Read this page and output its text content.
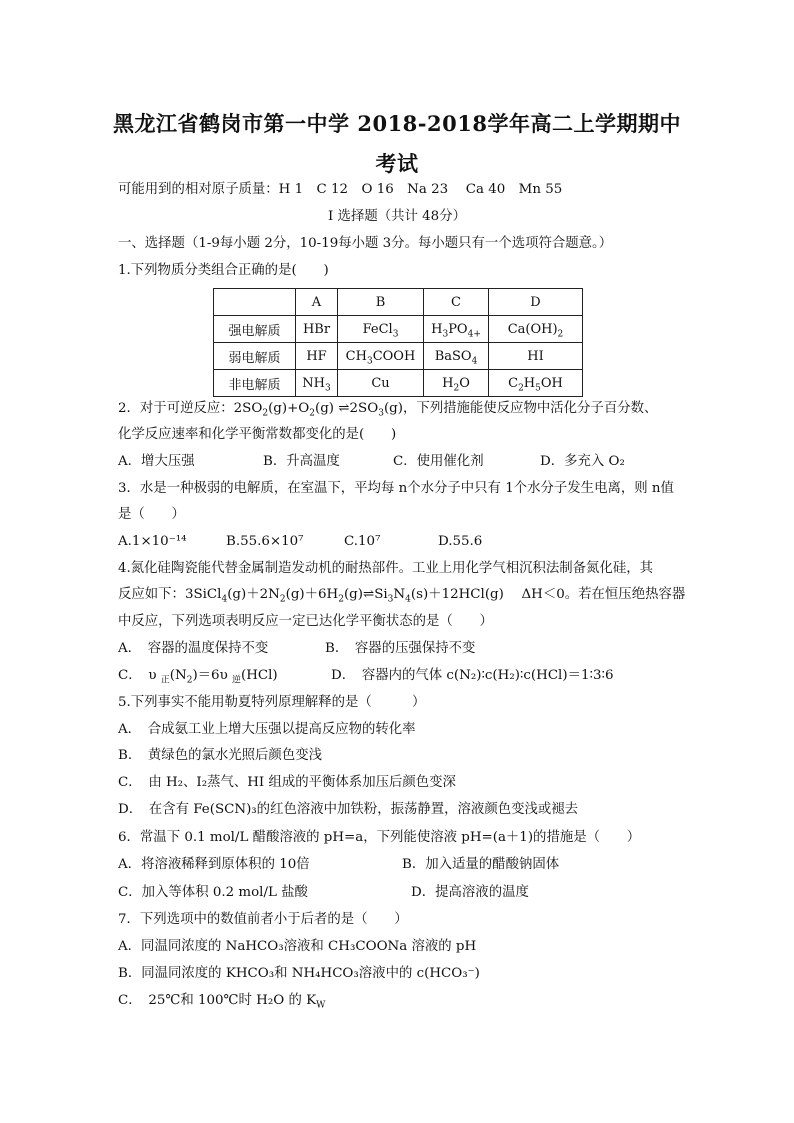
黑龙江省鹤岗市第一中学 2018-2018学年高二上学期期中
考试
可能用到的相对原子质量：H 1　C 12　O 16　Na 23　 Ca 40　Mn 55
I 选择题（共计 48分）
一、选择题（1-9每小题 2分，10-19每小题 3分。每小题只有一个选项符合题意。）
1.下列物质分类组合正确的是(　　)
	A	B	C	D
强电解质	HBr	FeCl$_3$	$H_3PO_{4+}$	$Ca(OH)_2$
弱电解质	HF	$CH_3COOH$	BaSO$_4$	HI
非电解质	$NH_3$	Cu	$H_2O$	$C_2H_5OH$
2．对于可逆反应：$2SO_2(g)+O_2(g)$ $\rightleftharpoons 2SO_3(g)$，下列措施能使反应物中活化分子百分数、
化学反应速率和化学平衡常数都变化的是(　　)
A．增大压强	B．升高温度	C．使用催化剂	D．多充入 O₂
3．水是一种极弱的电解质，在室温下，平均每 n个水分子中只有 1个水分子发生电离，则 n值
是（　　）
A.1×10⁻¹⁴	B.55.6×10⁷	C.10⁷	D.55.6
4.氮化硅陶瓷能代替金属制造发动机的耐热部件。工业上用化学气相沉积法制备氮化硅，其
反应如下：$3SiCl_4(g)+2N_2(g)+6H_2(g)\rightleftharpoons Si_3N_4(s)+12HCl(g)$　 ΔH＜0。若在恒压绝热容器
中反应，下列选项表明反应一定已达化学平衡状态的是（　　）
A．　容器的温度保持不变	B．　容器的压强保持不变
C．　υ $_正(N_2)=6\upsilon$ $_逆$(HCl)	D．　容器内的气体 c(N₂)∶c(H₂)∶c(HCl)＝1∶3∶6
5.下列事实不能用勒夏特列原理解释的是（　　　）
A．　合成氨工业上增大压强以提高反应物的转化率
B．　黄绿色的氯水光照后颜色变浅
C．　由 H₂、I₂蒸气、HI 组成的平衡体系加压后颜色变深
D．　在含有 Fe(SCN)₃的红色溶液中加铁粉，振荡静置，溶液颜色变浅或褪去
6．常温下 0.1 mol/L 醋酸溶液的 pH=a，下列能使溶液 pH=(a＋1)的措施是（　　）
A．将溶液稀释到原体积的 10倍	B．加入适量的醋酸钠固体
C．加入等体积 0.2 mol/L 盐酸	D．提高溶液的温度
7．下列选项中的数值前者小于后者的是（　　）
A．同温同浓度的 NaHCO₃溶液和 CH₃COONa 溶液的 pH
B．同温同浓度的 KHCO₃和 NH₄HCO₃溶液中的 c(HCO₃⁻)
C．　25℃和 100℃时 H₂O 的 $K_W$
